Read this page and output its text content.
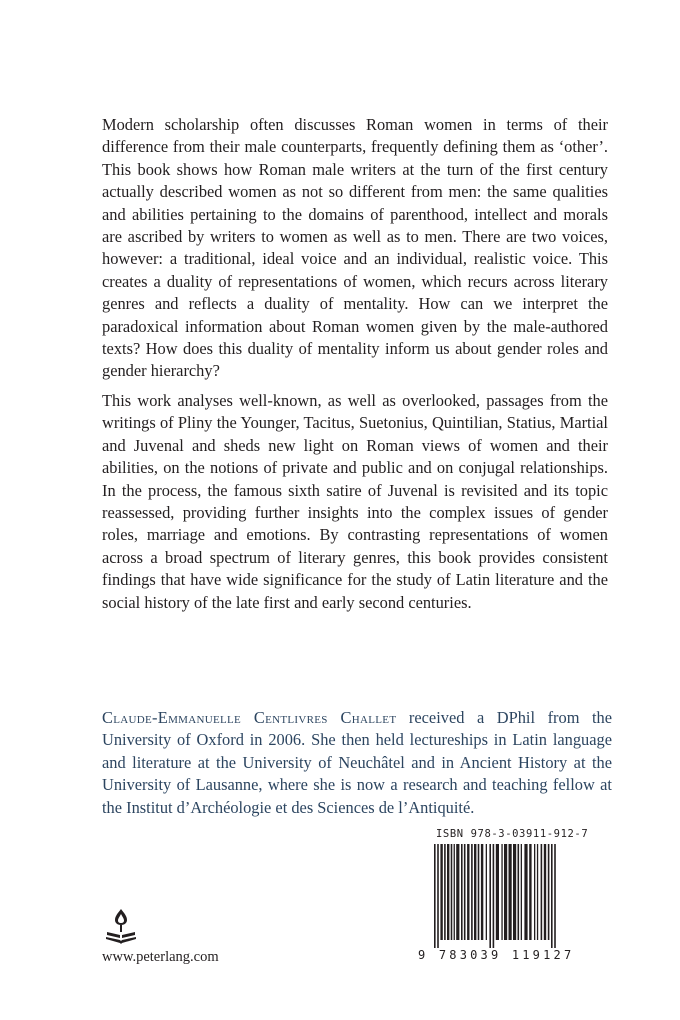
Modern scholarship often discusses Roman women in terms of their difference from their male counterparts, frequently defining them as ‘other’. This book shows how Roman male writers at the turn of the first century actually described women as not so different from men: the same qualities and abilities pertaining to the domains of parenthood, intellect and morals are ascribed by writers to women as well as to men. There are two voices, however: a traditional, ideal voice and an individual, realistic voice. This creates a duality of representations of women, which recurs across literary genres and reflects a duality of mentality. How can we interpret the paradoxical information about Roman women given by the male-authored texts? How does this duality of mentality inform us about gender roles and gender hierarchy?

This work analyses well-known, as well as overlooked, passages from the writings of Pliny the Younger, Tacitus, Suetonius, Quintilian, Statius, Martial and Juvenal and sheds new light on Roman views of women and their abilities, on the notions of private and public and on conjugal relationships. In the process, the famous sixth satire of Juvenal is revisited and its topic reassessed, providing further insights into the complex issues of gender roles, marriage and emotions. By contrasting representations of women across a broad spectrum of literary genres, this book provides consistent findings that have wide significance for the study of Latin literature and the social history of the late first and early second centuries.

Claude-Emmanuelle Centlivres Challet received a DPhil from the University of Oxford in 2006. She then held lectureships in Latin language and literature at the University of Neuchâtel and in Ancient History at the University of Lausanne, where she is now a research and teaching fellow at the Institut d’Archéologie et des Sciences de l’Antiquité.

ISBN 978-3-03911-912-7
9 783039 119127

www.peterlang.com
